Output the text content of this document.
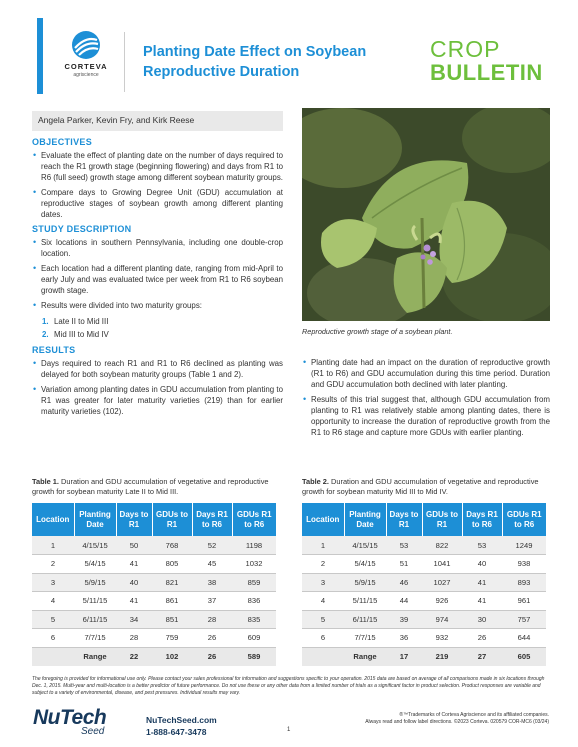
CORTEVA
agriscience
Planting Date Effect on Soybean Reproductive Duration
CROP
BULLETIN
Angela Parker, Kevin Fry, and Kirk Reese
OBJECTIVES
• Evaluate the effect of planting date on the number of days required to reach the R1 growth stage (beginning flowering) and days from R1 to R6 (full seed) growth stage among different soybean maturity groups.
• Compare days to Growing Degree Unit (GDU) accumulation at reproductive stages of soybean growth among different planting dates.
STUDY DESCRIPTION
• Six locations in southern Pennsylvania, including one double-crop location.
• Each location had a different planting date, ranging from mid-April to early July and was evaluated twice per week from R1 to R6 soybean growth stage.
• Results were divided into two maturity groups:
1. Late II to Mid III
2. Mid III to Mid IV
RESULTS
• Days required to reach R1 and R1 to R6 declined as planting was delayed for both soybean maturity groups (Table 1 and 2).
• Variation among planting dates in GDU accumulation from planting to R1 was greater for later maturity varieties (219) than for earlier maturity varieties (102).
Reproductive growth stage of a soybean plant.
• Planting date had an impact on the duration of reproductive growth (R1 to R6) and GDU accumulation during this time period. Duration and GDU accumulation both declined with later planting.
• Results of this trial suggest that, although GDU accumulation from planting to R1 was relatively stable among planting dates, there is opportunity to increase the duration of reproductive growth from the R1 to R6 stage and capture more GDUs with earlier planting.
Table 1. Duration and GDU accumulation of vegetative and reproductive growth for soybean maturity Late II to Mid III.
Location	Planting Date	Days to R1	GDUs to R1	Days R1 to R6	GDUs R1 to R6
1	4/15/15	50	768	52	1198
2	5/4/15	41	805	45	1032
3	5/9/15	40	821	38	859
4	5/11/15	41	861	37	836
5	6/11/15	34	851	28	835
6	7/7/15	28	759	26	609
	Range	22	102	26	589
Table 2. Duration and GDU accumulation of vegetative and reproductive growth for soybean maturity Mid III to Mid IV.
Location	Planting Date	Days to R1	GDUs to R1	Days R1 to R6	GDUs R1 to R6
1	4/15/15	53	822	53	1249
2	5/4/15	51	1041	40	938
3	5/9/15	46	1027	41	893
4	5/11/15	44	926	41	961
5	6/11/15	39	974	30	757
6	7/7/15	36	932	26	644
	Range	17	219	27	605
The foregoing is provided for informational use only. Please contact your sales professional for information and suggestions specific to your operation. 2015 data are based on average of all comparisons made in six locations through Dec. 1, 2015. Multi-year and multi-location is a better predictor of future performance. Do not use these or any other data from a limited number of trials as a significant factor in product selection. Product responses are variable and subject to a variety of environmental, disease, and pest pressures. Individual results may vary.
NuTech
Seed
NuTechSeed.com
1-888-647-3478	1
®™Trademarks of Corteva Agriscience and its affiliated companies.
Always read and follow label directions. ©2023 Corteva. 020579 COR-MC6 (03/24)
